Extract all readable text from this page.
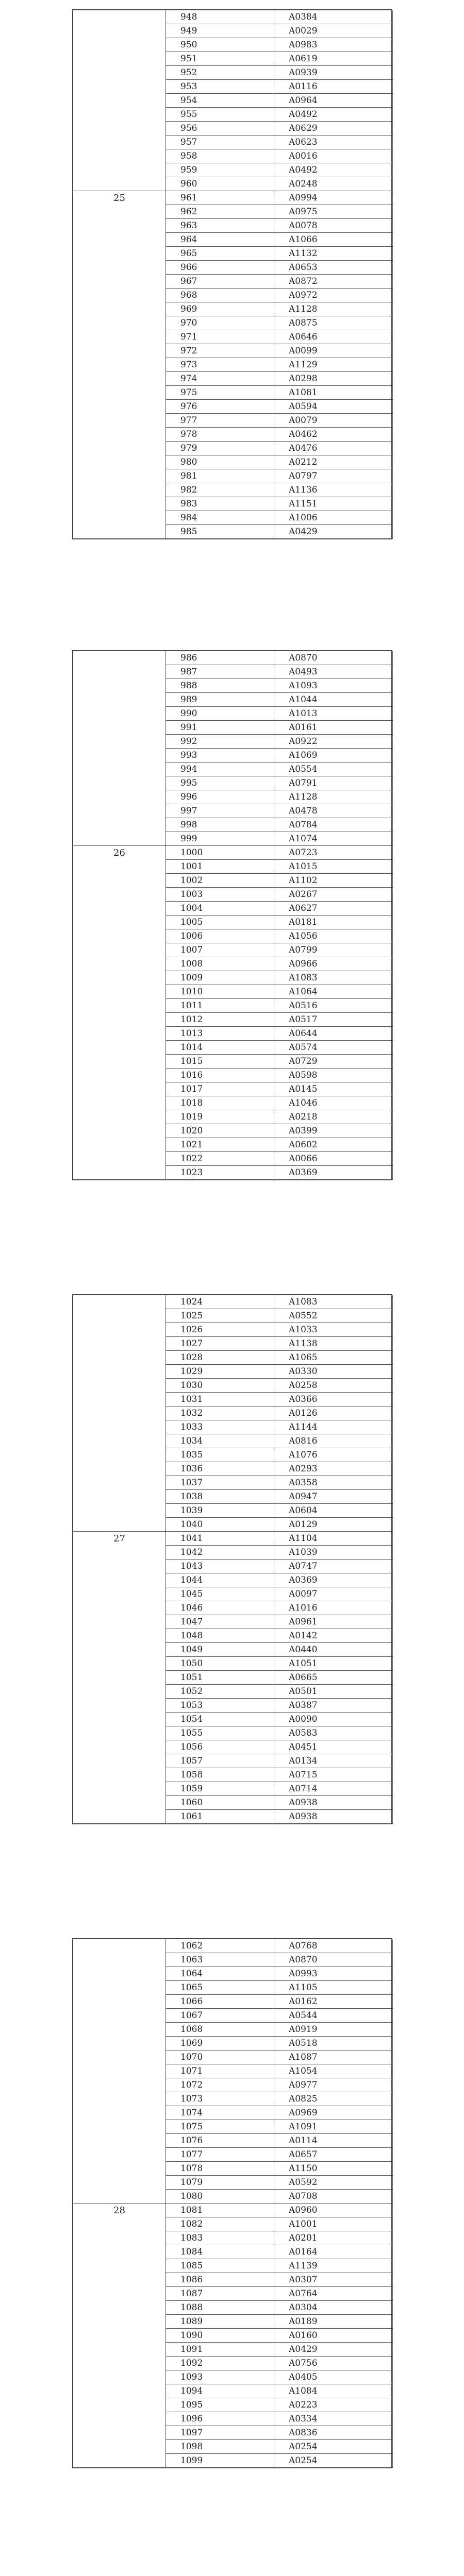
	948	A0384
	949	A0029
	950	A0983
	951	A0619
	952	A0939
	953	A0116
	954	A0964
	955	A0492
	956	A0629
	957	A0623
	958	A0016
	959	A0492
	960	A0248
25	961	A0994
	962	A0975
	963	A0078
	964	A1066
	965	A1132
	966	A0653
	967	A0872
	968	A0972
	969	A1128
	970	A0875
	971	A0646
	972	A0099
	973	A1129
	974	A0298
	975	A1081
	976	A0594
	977	A0079
	978	A0462
	979	A0476
	980	A0212
	981	A0797
	982	A1136
	983	A1151
	984	A1006
	985	A0429
	986	A0870
	987	A0493
	988	A1093
	989	A1044
	990	A1013
	991	A0161
	992	A0922
	993	A1069
	994	A0554
	995	A0791
	996	A1128
	997	A0478
	998	A0784
	999	A1074
26	1000	A0723
	1001	A1015
	1002	A1102
	1003	A0267
	1004	A0627
	1005	A0181
	1006	A1056
	1007	A0799
	1008	A0966
	1009	A1083
	1010	A1064
	1011	A0516
	1012	A0517
	1013	A0644
	1014	A0574
	1015	A0729
	1016	A0598
	1017	A0145
	1018	A1046
	1019	A0218
	1020	A0399
	1021	A0602
	1022	A0066
	1023	A0369
	1024	A1083
	1025	A0552
	1026	A1033
	1027	A1138
	1028	A1065
	1029	A0330
	1030	A0258
	1031	A0366
	1032	A0126
	1033	A1144
	1034	A0816
	1035	A1076
	1036	A0293
	1037	A0358
	1038	A0947
	1039	A0604
	1040	A0129
27	1041	A1104
	1042	A1039
	1043	A0747
	1044	A0369
	1045	A0097
	1046	A1016
	1047	A0961
	1048	A0142
	1049	A0440
	1050	A1051
	1051	A0665
	1052	A0501
	1053	A0387
	1054	A0090
	1055	A0583
	1056	A0451
	1057	A0134
	1058	A0715
	1059	A0714
	1060	A0938
	1061	A0938
	1062	A0768
	1063	A0870
	1064	A0993
	1065	A1105
	1066	A0162
	1067	A0544
	1068	A0919
	1069	A0518
	1070	A1087
	1071	A1054
	1072	A0977
	1073	A0825
	1074	A0969
	1075	A1091
	1076	A0114
	1077	A0657
	1078	A1150
	1079	A0592
	1080	A0708
28	1081	A0960
	1082	A1001
	1083	A0201
	1084	A0164
	1085	A1139
	1086	A0307
	1087	A0764
	1088	A0304
	1089	A0189
	1090	A0160
	1091	A0429
	1092	A0756
	1093	A0405
	1094	A1084
	1095	A0223
	1096	A0334
	1097	A0836
	1098	A0254
	1099	A0254
